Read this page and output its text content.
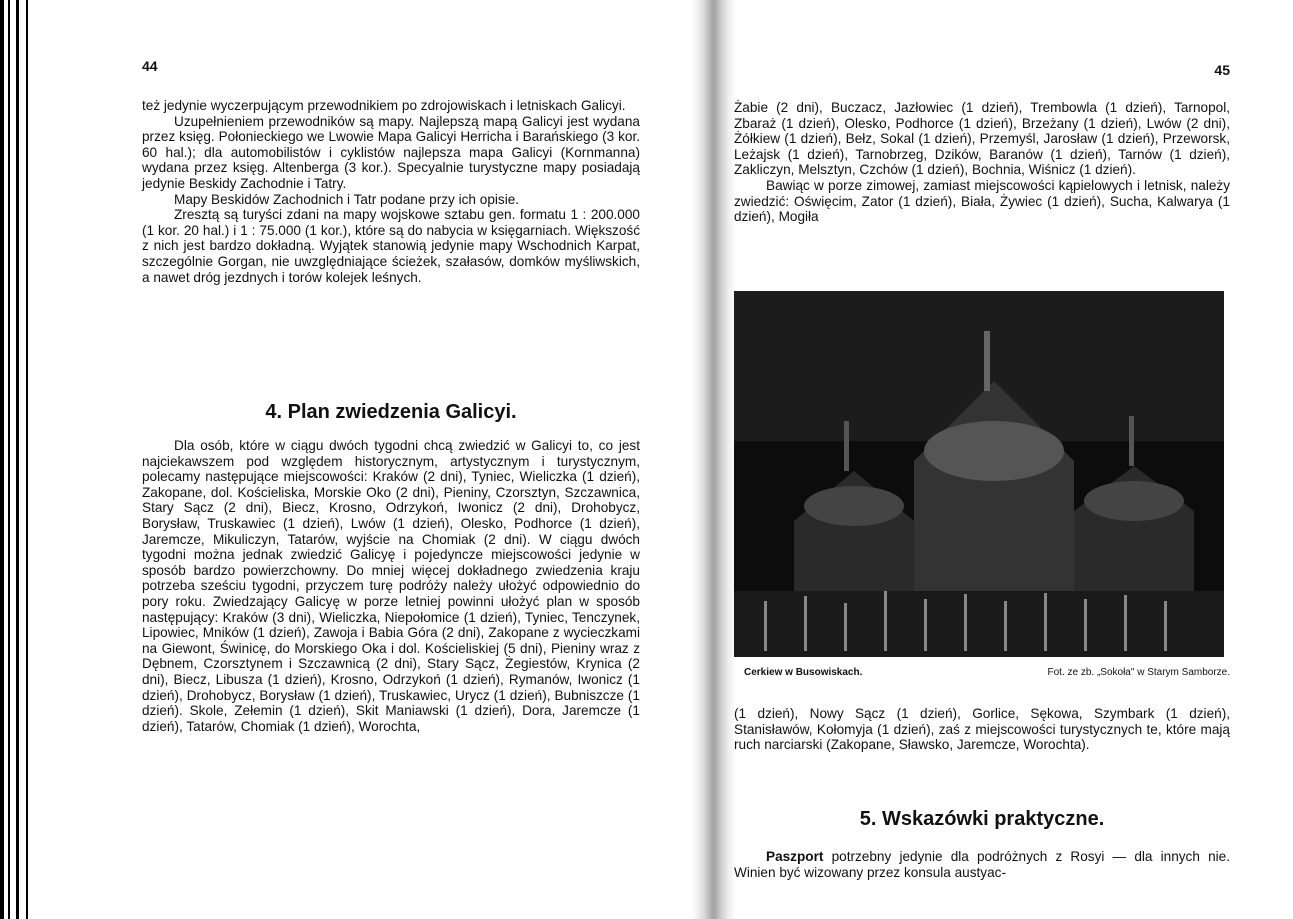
44

też jedynie wyczerpującym przewodnikiem po zdrojowiskach i letniskach Galicyi.

Uzupełnieniem przewodników są mapy. Najlepszą mapą Galicyi jest wydana przez księg. Połonieckiego we Lwowie Mapa Galicyi Herricha i Barańskiego (3 kor. 60 hal.); dla automobilistów i cyklistów najlepsza mapa Galicyi (Kornmanna) wydana przez księg. Altenberga (3 kor.). Specyalnie turystyczne mapy posiadają jedynie Beskidy Zachodnie i Tatry.

Mapy Beskidów Zachodnich i Tatr podane przy ich opisie.

Zresztą są turyści zdani na mapy wojskowe sztabu gen. formatu 1 : 200.000 (1 kor. 20 hal.) i 1 : 75.000 (1 kor.), które są do nabycia w księgarniach. Większość z nich jest bardzo dokładną. Wyjątek stanowią jedynie mapy Wschodnich Karpat, szczególnie Gorgan, nie uwzględniające ścieżek, szałasów, domków myśliwskich, a nawet dróg jezdnych i torów kolejek leśnych.

4. Plan zwiedzenia Galicyi.

Dla osób, które w ciągu dwóch tygodni chcą zwiedzić w Galicyi to, co jest najciekawszem pod względem historycznym, artystycznym i turystycznym, polecamy następujące miejscowości: Kraków (2 dni), Tyniec, Wieliczka (1 dzień), Zakopane, dol. Kościeliska, Morskie Oko (2 dni), Pieniny, Czorsztyn, Szczawnica, Stary Sącz (2 dni), Biecz, Krosno, Odrzykoń, Iwonicz (2 dni), Drohobycz, Borysław, Truskawiec (1 dzień), Lwów (1 dzień), Olesko, Podhorce (1 dzień), Jaremcze, Mikuliczyn, Tatarów, wyjście na Chomiak (2 dni). W ciągu dwóch tygodni można jednak zwiedzić Galicyę i pojedyncze miejscowości jedynie w sposób bardzo powierzchowny. Do mniej więcej dokładnego zwiedzenia kraju potrzeba sześciu tygodni, przyczem turę podróży należy ułożyć odpowiednio do pory roku. Zwiedzający Galicyę w porze letniej powinni ułożyć plan w sposób następujący: Kraków (3 dni), Wieliczka, Niepołomice (1 dzień), Tyniec, Tenczynek, Lipowiec, Mników (1 dzień), Zawoja i Babia Góra (2 dni), Zakopane z wycieczkami na Giewont, Świnicę, do Morskiego Oka i dol. Kościeliskiej (5 dni), Pieniny wraz z Dębnem, Czorsztynem i Szczawnicą (2 dni), Stary Sącz, Żegiestów, Krynica (2 dni), Biecz, Libusza (1 dzień), Krosno, Odrzykoń (1 dzień), Rymanów, Iwonicz (1 dzień), Drohobycz, Borysław (1 dzień), Truskawiec, Urycz (1 dzień), Bubniszcze (1 dzień). Skole, Zełemin (1 dzień), Skit Maniawski (1 dzień), Dora, Jaremcze (1 dzień), Tatarów, Chomiak (1 dzień), Worochta,

45

Żabie (2 dni), Buczacz, Jazłowiec (1 dzień), Trembowla (1 dzień), Tarnopol, Zbaraż (1 dzień), Olesko, Podhorce (1 dzień), Brzeżany (1 dzień), Lwów (2 dni), Żółkiew (1 dzień), Bełz, Sokal (1 dzień), Przemyśl, Jarosław (1 dzień), Przeworsk, Leżajsk (1 dzień), Tarnobrzeg, Dzików, Baranów (1 dzień), Tarnów (1 dzień), Zakliczyn, Melsztyn, Czchów (1 dzień), Bochnia, Wiśnicz (1 dzień).

Bawiąc w porze zimowej, zamiast miejscowości kąpielowych i letnisk, należy zwiedzić: Oświęcim, Zator (1 dzień), Biała, Żywiec (1 dzień), Sucha, Kalwarya (1 dzień), Mogiła

Cerkiew w Busowiskach.	Fot. ze zb. „Sokoła" w Starym Samborze.

(1 dzień), Nowy Sącz (1 dzień), Gorlice, Sękowa, Szymbark (1 dzień), Stanisławów, Kołomyja (1 dzień), zaś z miejscowości turystycznych te, które mają ruch narciarski (Zakopane, Sławsko, Jaremcze, Worochta).

5. Wskazówki praktyczne.

Paszport potrzebny jedynie dla podróżnych z Rosyi — dla innych nie. Winien być wizowany przez konsula austyac-
